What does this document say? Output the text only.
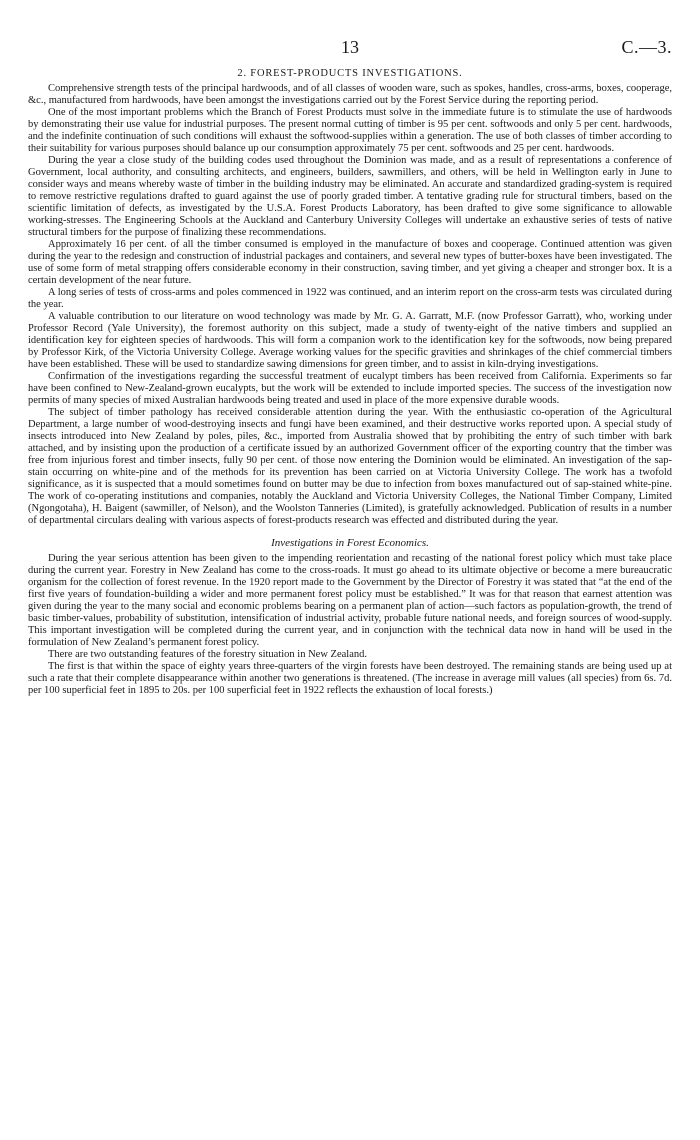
13	C.—3.
2. FOREST-PRODUCTS INVESTIGATIONS.

Comprehensive strength tests of the principal hardwoods, and of all classes of wooden ware, such as spokes, handles, cross-arms, boxes, cooperage, &c., manufactured from hardwoods, have been amongst the investigations carried out by the Forest Service during the reporting period.

One of the most important problems which the Branch of Forest Products must solve in the immediate future is to stimulate the use of hardwoods by demonstrating their use value for industrial purposes. The present normal cutting of timber is 95 per cent. softwoods and only 5 per cent. hardwoods, and the indefinite continuation of such conditions will exhaust the softwood-supplies within a generation. The use of both classes of timber according to their suitability for various purposes should balance up our consumption approximately 75 per cent. softwoods and 25 per cent. hardwoods.

During the year a close study of the building codes used throughout the Dominion was made, and as a result of representations a conference of Government, local authority, and consulting architects, and engineers, builders, sawmillers, and others, will be held in Wellington early in June to consider ways and means whereby waste of timber in the building industry may be eliminated. An accurate and standardized grading-system is required to remove restrictive regulations drafted to guard against the use of poorly graded timber. A tentative grading rule for structural timbers, based on the scientific limitation of defects, as investigated by the U.S.A. Forest Products Laboratory, has been drafted to give some significance to allowable working-stresses. The Engineering Schools at the Auckland and Canterbury University Colleges will undertake an exhaustive series of tests of native structural timbers for the purpose of finalizing these recommendations.

Approximately 16 per cent. of all the timber consumed is employed in the manufacture of boxes and cooperage. Continued attention was given during the year to the redesign and construction of industrial packages and containers, and several new types of butter-boxes have been investigated. The use of some form of metal strapping offers considerable economy in their construction, saving timber, and yet giving a cheaper and stronger box. It is a certain development of the near future.

A long series of tests of cross-arms and poles commenced in 1922 was continued, and an interim report on the cross-arm tests was circulated during the year.

A valuable contribution to our literature on wood technology was made by Mr. G. A. Garratt, M.F. (now Professor Garratt), who, working under Professor Record (Yale University), the foremost authority on this subject, made a study of twenty-eight of the native timbers and supplied an identification key for eighteen species of hardwoods. This will form a companion work to the identification key for the softwoods, now being prepared by Professor Kirk, of the Victoria University College. Average working values for the specific gravities and shrinkages of the chief commercial timbers have been established. These will be used to standardize sawing dimensions for green timber, and to assist in kiln-drying investigations.

Confirmation of the investigations regarding the successful treatment of eucalypt timbers has been received from California. Experiments so far have been confined to New-Zealand-grown eucalypts, but the work will be extended to include imported species. The success of the investigation now permits of many species of mixed Australian hardwoods being treated and used in place of the more expensive durable woods.

The subject of timber pathology has received considerable attention during the year. With the enthusiastic co-operation of the Agricultural Department, a large number of wood-destroying insects and fungi have been examined, and their destructive works reported upon. A special study of insects introduced into New Zealand by poles, piles, &c., imported from Australia showed that by prohibiting the entry of such timber with bark attached, and by insisting upon the production of a certificate issued by an authorized Government officer of the exporting country that the timber was free from injurious forest and timber insects, fully 90 per cent. of those now entering the Dominion would be eliminated. An investigation of the sap-stain occurring on white-pine and of the methods for its prevention has been carried on at Victoria University College. The work has a twofold significance, as it is suspected that a mould sometimes found on butter may be due to infection from boxes manufactured out of sap-stained white-pine. The work of co-operating institutions and companies, notably the Auckland and Victoria University Colleges, the National Timber Company, Limited (Ngongotaha), H. Baigent (sawmiller, of Nelson), and the Woolston Tanneries (Limited), is gratefully acknowledged. Publication of results in a number of departmental circulars dealing with various aspects of forest-products research was effected and distributed during the year.

Investigations in Forest Economics.

During the year serious attention has been given to the impending reorientation and recasting of the national forest policy which must take place during the current year. Forestry in New Zealand has come to the cross-roads. It must go ahead to its ultimate objective or become a mere bureaucratic organism for the collection of forest revenue. In the 1920 report made to the Government by the Director of Forestry it was stated that “at the end of the first five years of foundation-building a wider and more permanent forest policy must be established.” It was for that reason that earnest attention was given during the year to the many social and economic problems bearing on a permanent plan of action—such factors as population-growth, the trend of basic timber-values, probability of substitution, intensification of industrial activity, probable future national needs, and foreign sources of wood-supply. This important investigation will be completed during the current year, and in conjunction with the technical data now in hand will be used in the formulation of New Zealand’s permanent forest policy.

There are two outstanding features of the forestry situation in New Zealand.

The first is that within the space of eighty years three-quarters of the virgin forests have been destroyed. The remaining stands are being used up at such a rate that their complete disappearance within another two generations is threatened. (The increase in average mill values (all species) from 6s. 7d. per 100 superficial feet in 1895 to 20s. per 100 superficial feet in 1922 reflects the exhaustion of local forests.)
